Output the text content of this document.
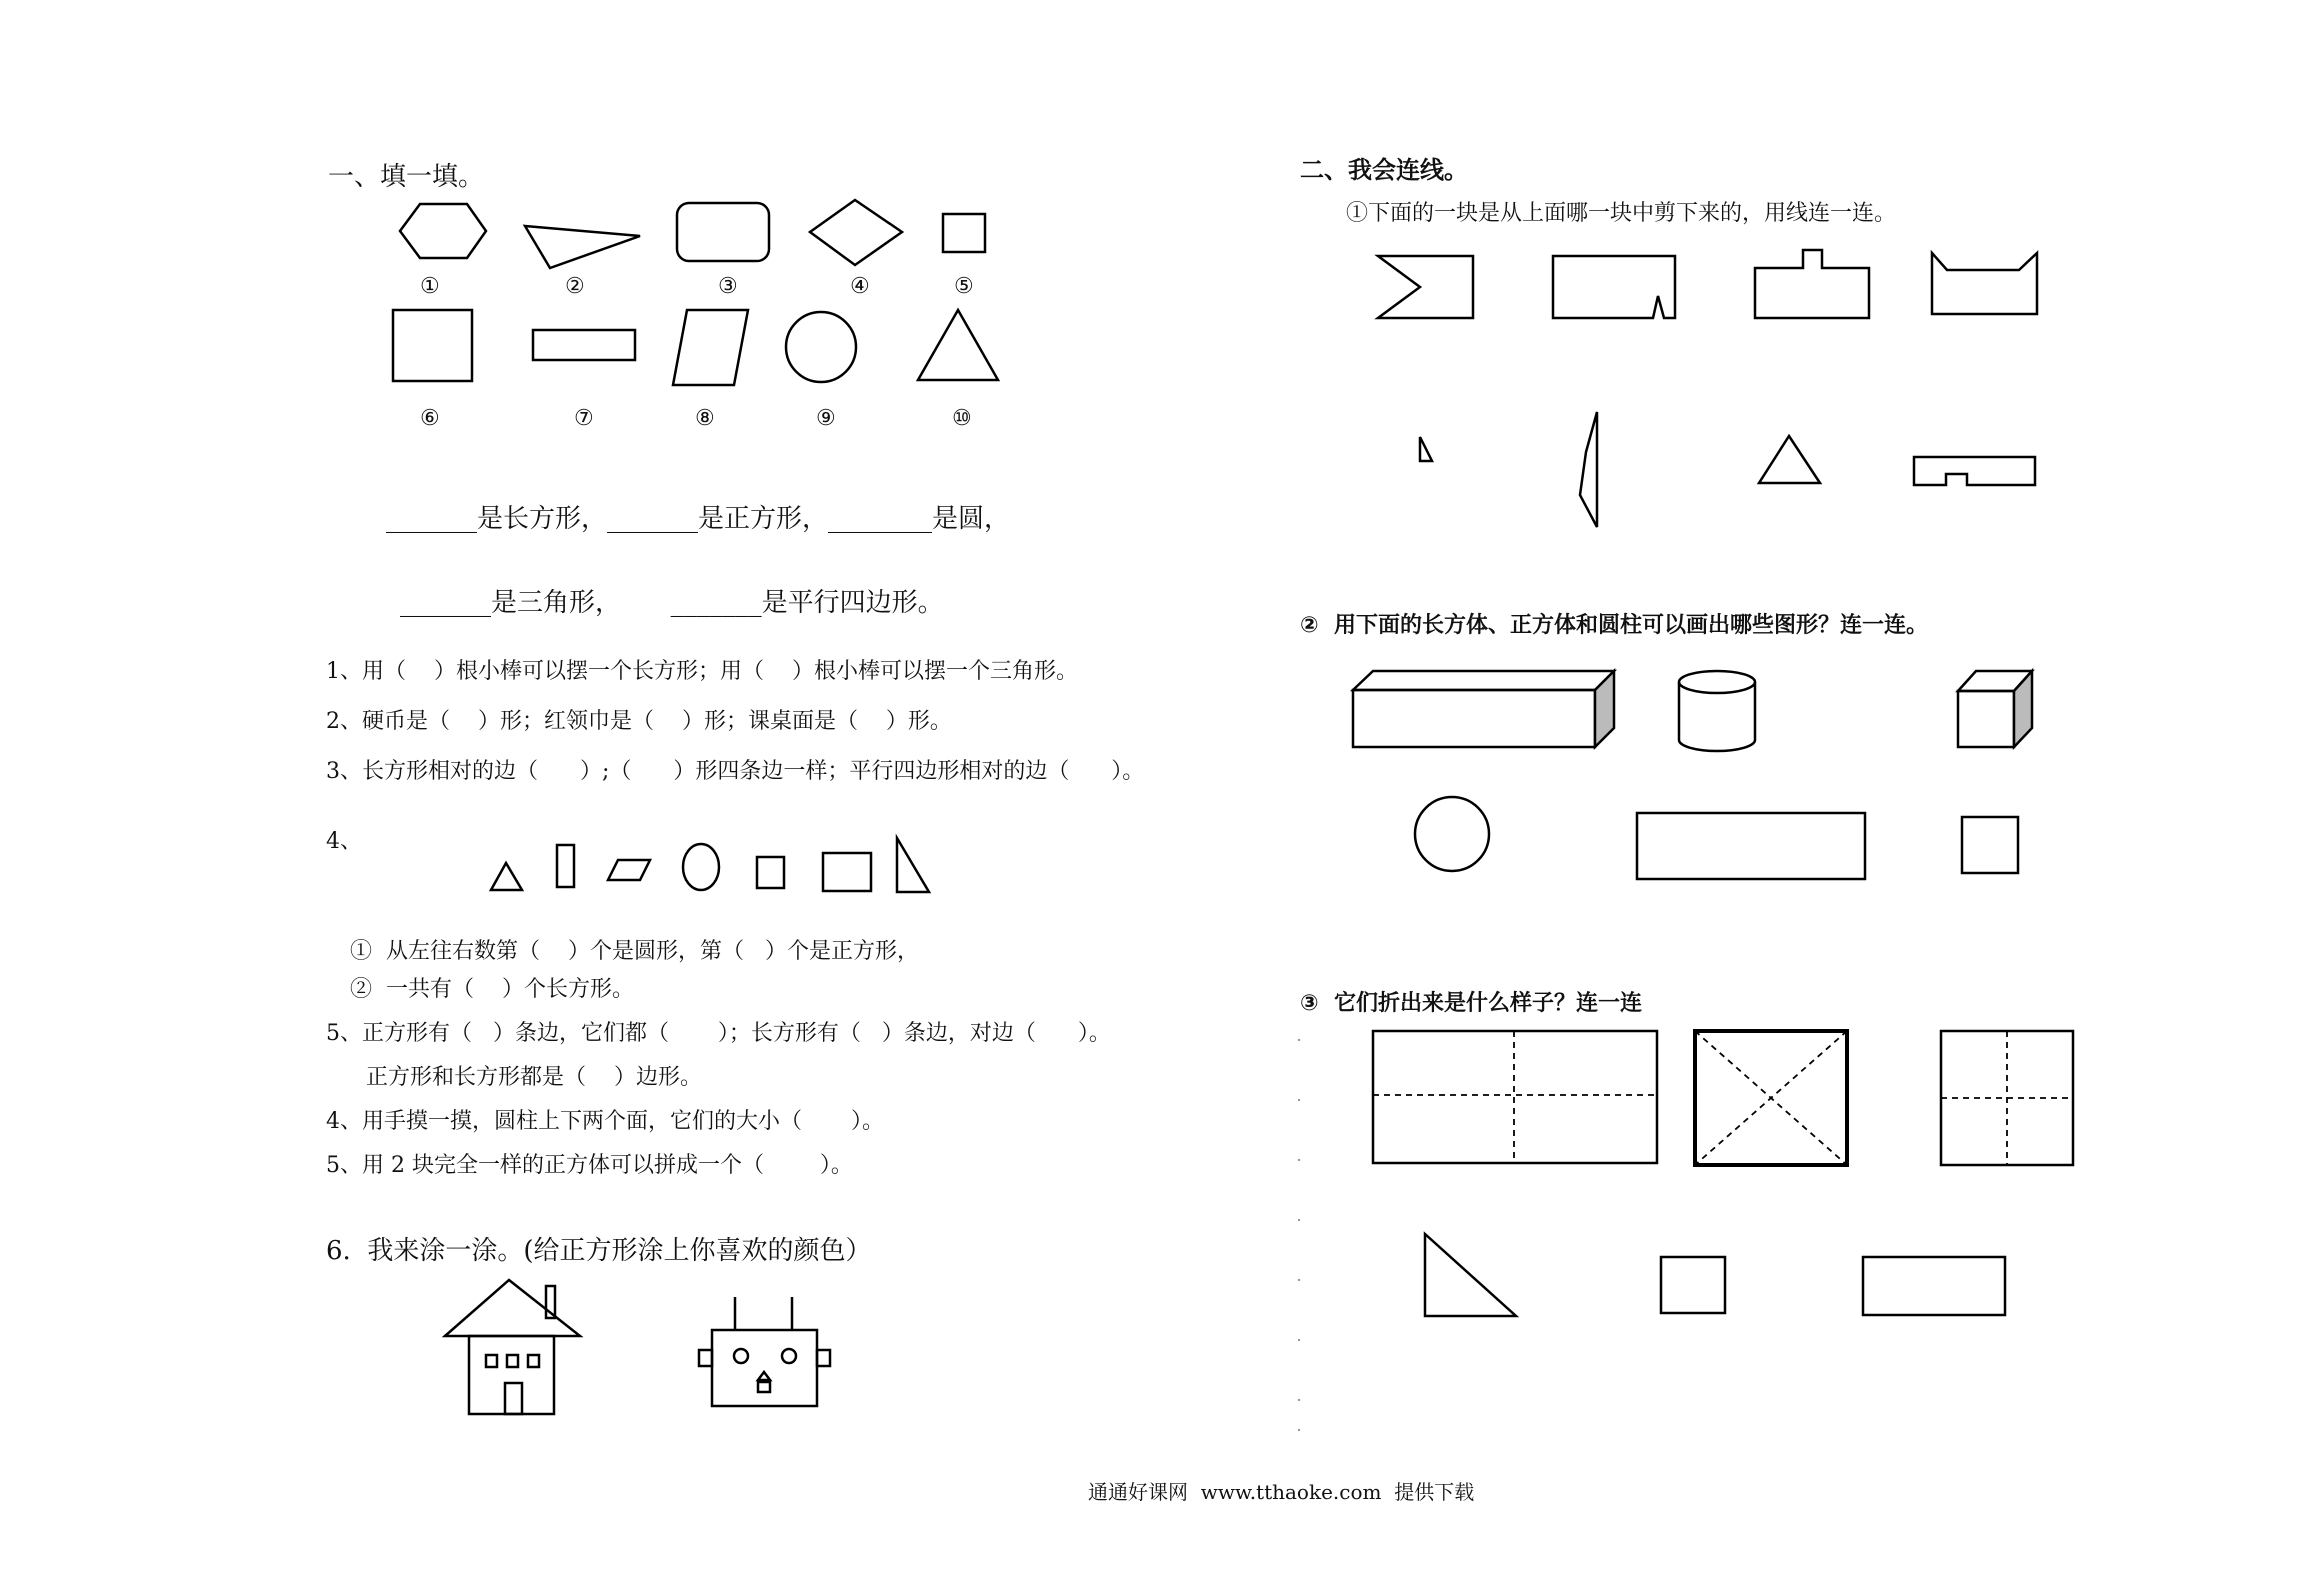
一、填一填。
①	②	③	④	⑤
⑥	⑦	⑧	⑨	⑩
_______是长方形，_______是正方形，________是圆，
_______是三角形，      _______是平行四边形。
1、用（    ）根小棒可以摆一个长方形；用（    ）根小棒可以摆一个三角形。
2、硬币是（    ）形；红领巾是（    ）形；课桌面是（    ）形。
3、长方形相对的边（      ）;（      ）形四条边一样；平行四边形相对的边（      ）。
4、
①  从左往右数第（    ）个是圆形，第（   ）个是正方形，
②  一共有（    ）个长方形。
5、正方形有（   ）条边，它们都（       ）；长方形有（   ）条边，对边（      ）。
正方形和长方形都是（    ）边形。
4、用手摸一摸，圆柱上下两个面，它们的大小（       ）。
5、用 2 块完全一样的正方体可以拼成一个（        ）。
6.  我来涂一涂。(给正方形涂上你喜欢的颜色）
二、我会连线。
①下面的一块是从上面哪一块中剪下来的，用线连一连。
②  用下面的长方体、正方体和圆柱可以画出哪些图形？连一连。
③  它们折出来是什么样子？连一连
通通好课网  www.tthaoke.com  提供下载
